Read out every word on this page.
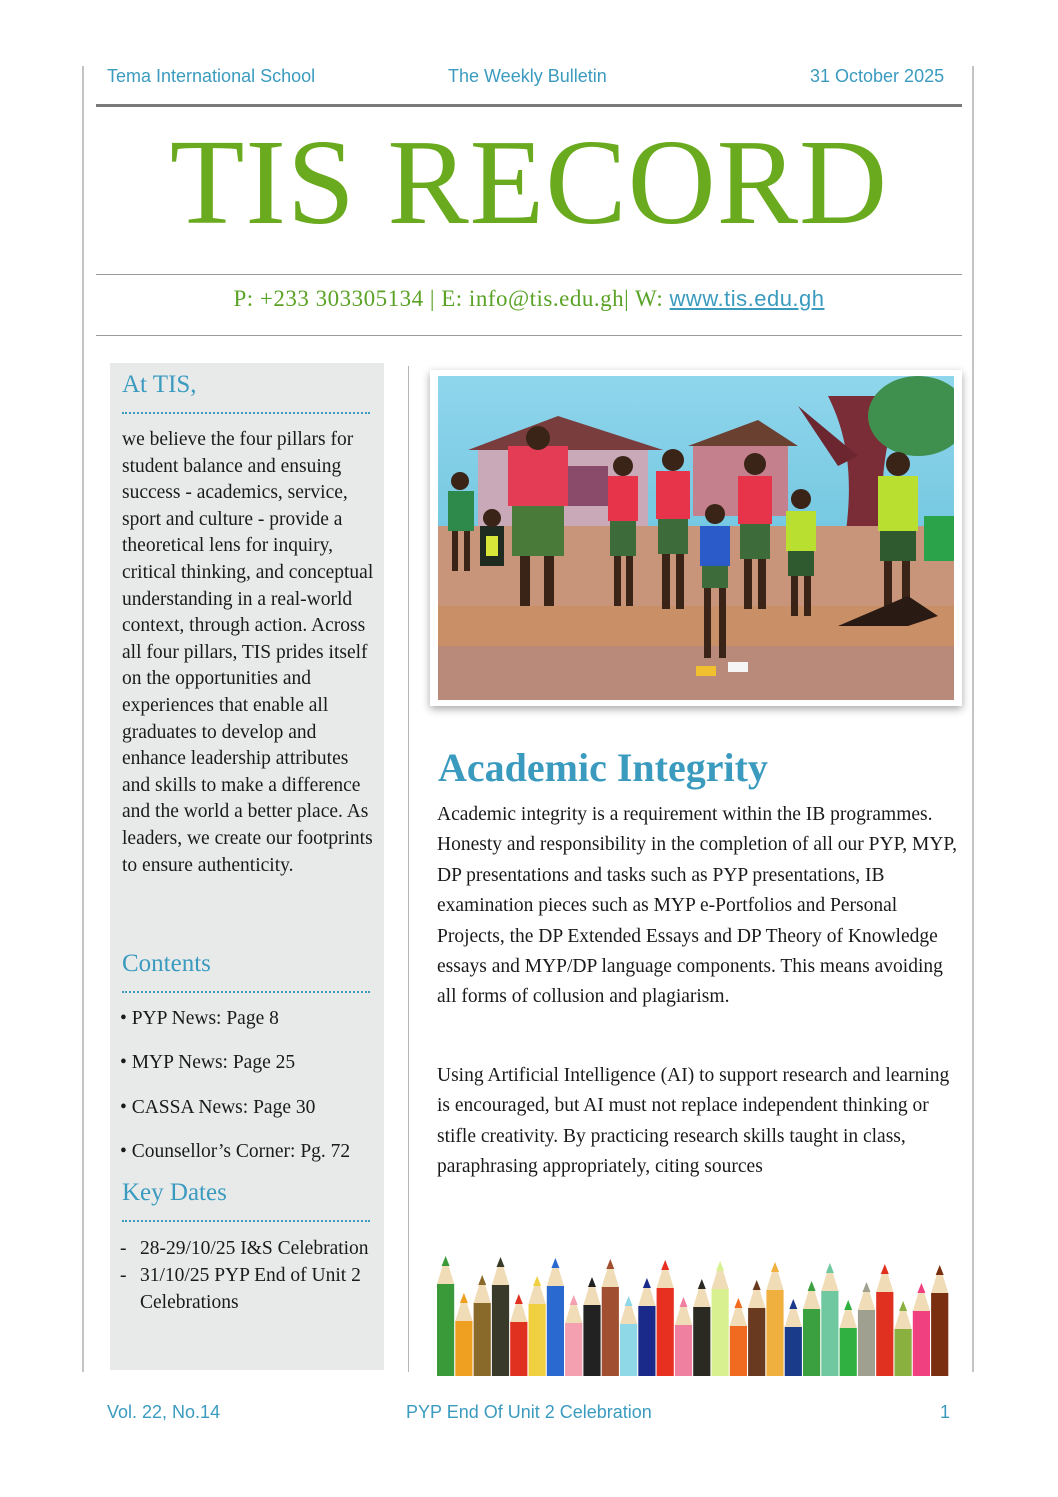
Tema International School	The Weekly Bulletin	31 October 2025
TIS RECORD
P: +233 303305134 | E: info@tis.edu.gh| W: www.tis.edu.gh
At TIS,
we believe the four pillars for student balance and ensuing success - academics, service, sport and culture - provide a theoretical lens for inquiry, critical thinking, and conceptual understanding in a real-world context, through action. Across all four pillars, TIS prides itself on the opportunities and experiences that enable all graduates to develop and enhance leadership attributes and skills to make a difference and the world a better place. As leaders, we create our footprints to ensure authenticity.
Contents
• PYP News: Page 8
• MYP News: Page 25
• CASSA News: Page 30
• Counsellor’s Corner: Pg. 72
Key Dates
- 28-29/10/25 I&S Celebration
- 31/10/25 PYP End of Unit 2 Celebrations
Academic Integrity
Academic integrity is a requirement within the IB programmes. Honesty and responsibility in the completion of all our PYP, MYP, DP presentations and tasks such as PYP presentations, IB examination pieces such as MYP e-Portfolios and Personal Projects, the DP Extended Essays and DP Theory of Knowledge essays and MYP/DP language components. This means avoiding all forms of collusion and plagiarism.
Using Artificial Intelligence (AI) to support research and learning is encouraged, but AI must not replace independent thinking or stifle creativity. By practicing research skills taught in class, paraphrasing appropriately, citing sources
Vol. 22, No.14	PYP End Of Unit 2 Celebration	1
